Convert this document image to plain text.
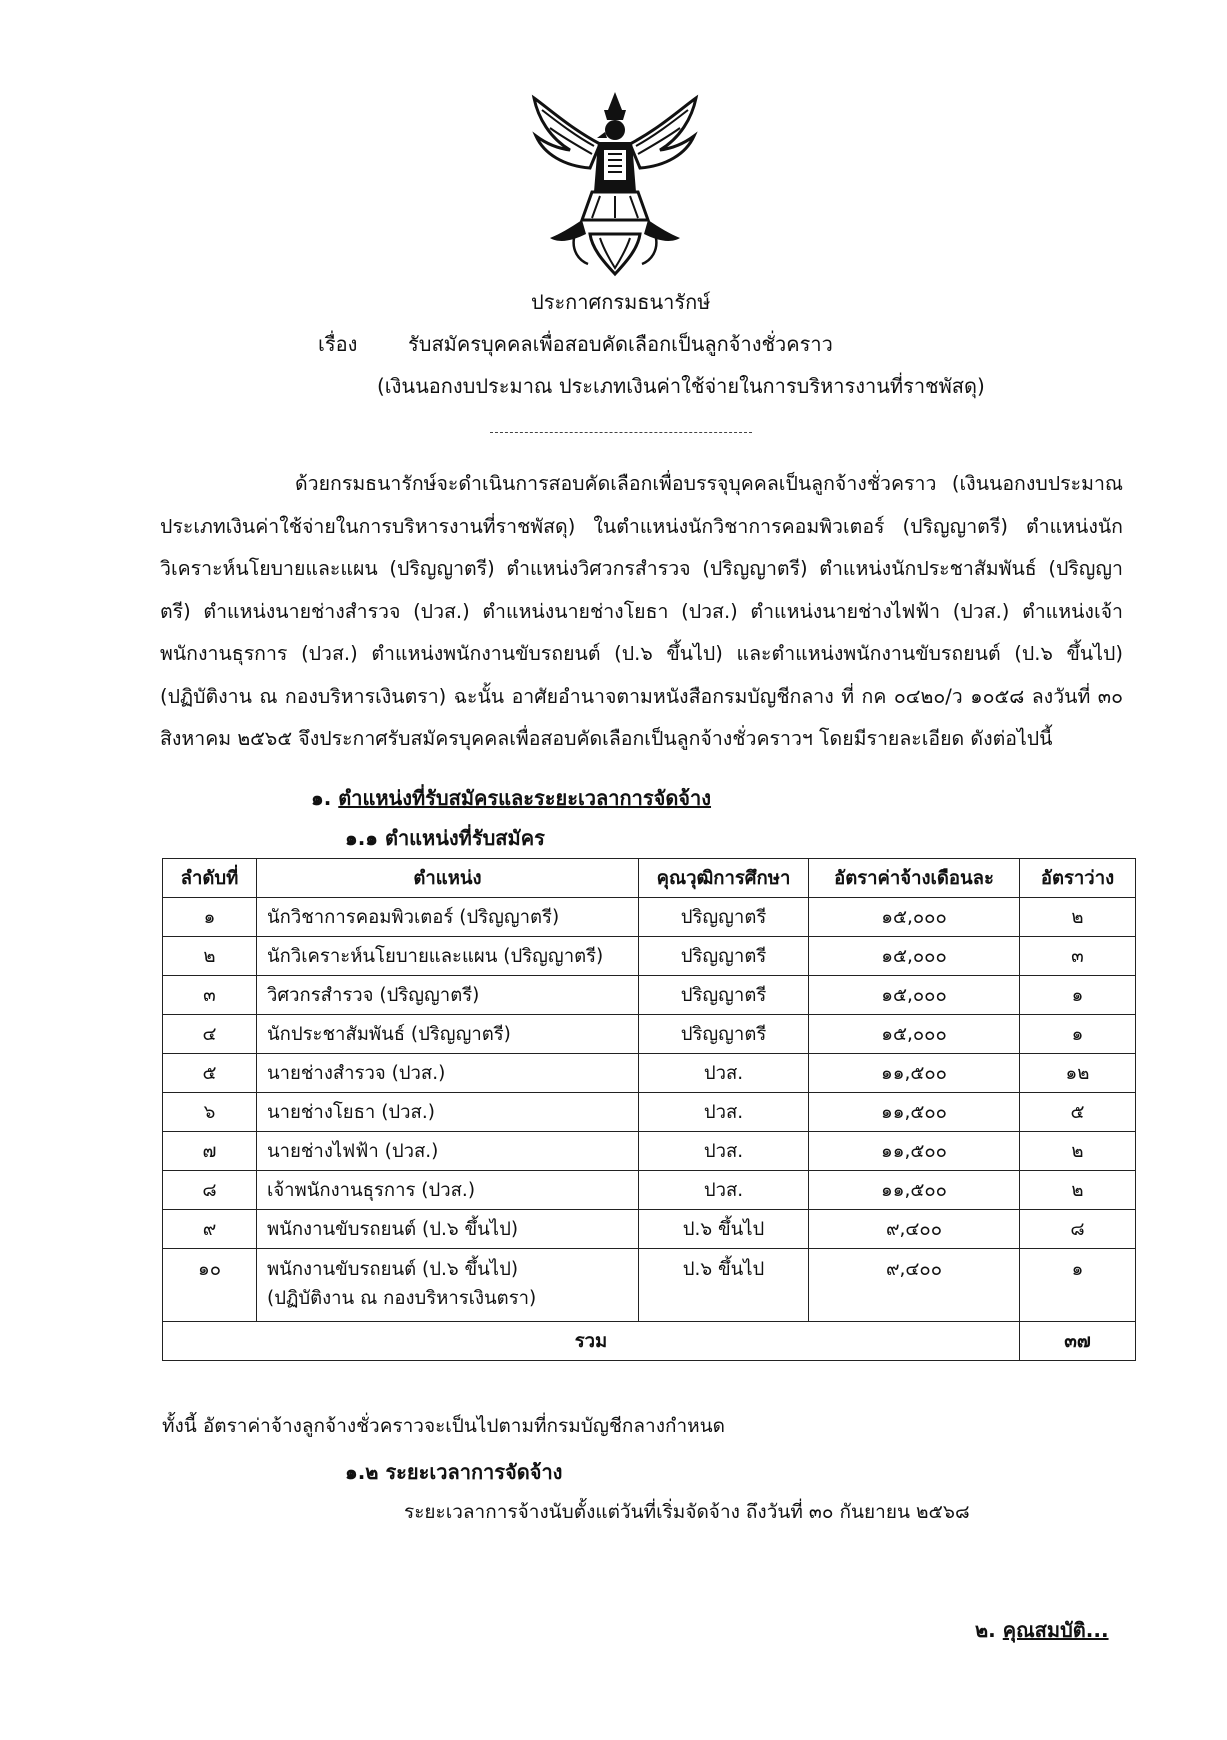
ประกาศกรมธนารักษ์
เรื่อง	รับสมัครบุคคลเพื่อสอบคัดเลือกเป็นลูกจ้างชั่วคราว
(เงินนอกงบประมาณ ประเภทเงินค่าใช้จ่ายในการบริหารงานที่ราชพัสดุ)

ด้วยกรมธนารักษ์จะดำเนินการสอบคัดเลือกเพื่อบรรจุบุคคลเป็นลูกจ้างชั่วคราว (เงินนอกงบประมาณ ประเภทเงินค่าใช้จ่ายในการบริหารงานที่ราชพัสดุ) ในตำแหน่งนักวิชาการคอมพิวเตอร์ (ปริญญาตรี) ตำแหน่งนักวิเคราะห์นโยบายและแผน (ปริญญาตรี) ตำแหน่งวิศวกรสำรวจ (ปริญญาตรี) ตำแหน่งนักประชาสัมพันธ์ (ปริญญาตรี) ตำแหน่งนายช่างสำรวจ (ปวส.) ตำแหน่งนายช่างโยธา (ปวส.) ตำแหน่งนายช่างไฟฟ้า (ปวส.) ตำแหน่งเจ้าพนักงานธุรการ (ปวส.) ตำแหน่งพนักงานขับรถยนต์ (ป.๖ ขึ้นไป) และตำแหน่งพนักงานขับรถยนต์ (ป.๖ ขึ้นไป) (ปฏิบัติงาน ณ กองบริหารเงินตรา) ฉะนั้น อาศัยอำนาจตามหนังสือกรมบัญชีกลาง ที่ กค ๐๔๒๐/ว ๑๐๕๘ ลงวันที่ ๓๐ สิงหาคม ๒๕๖๕ จึงประกาศรับสมัครบุคคลเพื่อสอบคัดเลือกเป็นลูกจ้างชั่วคราวฯ โดยมีรายละเอียด ดังต่อไปนี้

๑. ตำแหน่งที่รับสมัครและระยะเวลาการจัดจ้าง
๑.๑ ตำแหน่งที่รับสมัคร
ลำดับที่	ตำแหน่ง	คุณวุฒิการศึกษา	อัตราค่าจ้างเดือนละ	อัตราว่าง
๑	นักวิชาการคอมพิวเตอร์ (ปริญญาตรี)	ปริญญาตรี	๑๕,๐๐๐	๒
๒	นักวิเคราะห์นโยบายและแผน (ปริญญาตรี)	ปริญญาตรี	๑๕,๐๐๐	๓
๓	วิศวกรสำรวจ (ปริญญาตรี)	ปริญญาตรี	๑๕,๐๐๐	๑
๔	นักประชาสัมพันธ์ (ปริญญาตรี)	ปริญญาตรี	๑๕,๐๐๐	๑
๕	นายช่างสำรวจ (ปวส.)	ปวส.	๑๑,๕๐๐	๑๒
๖	นายช่างโยธา (ปวส.)	ปวส.	๑๑,๕๐๐	๕
๗	นายช่างไฟฟ้า (ปวส.)	ปวส.	๑๑,๕๐๐	๒
๘	เจ้าพนักงานธุรการ (ปวส.)	ปวส.	๑๑,๕๐๐	๒
๙	พนักงานขับรถยนต์ (ป.๖ ขึ้นไป)	ป.๖ ขึ้นไป	๙,๔๐๐	๘
๑๐	พนักงานขับรถยนต์ (ป.๖ ขึ้นไป)
(ปฏิบัติงาน ณ กองบริหารเงินตรา)	ป.๖ ขึ้นไป	๙,๔๐๐	๑
รวม				๓๗
ทั้งนี้ อัตราค่าจ้างลูกจ้างชั่วคราวจะเป็นไปตามที่กรมบัญชีกลางกำหนด
๑.๒ ระยะเวลาการจัดจ้าง
ระยะเวลาการจ้างนับตั้งแต่วันที่เริ่มจัดจ้าง ถึงวันที่ ๓๐ กันยายน ๒๕๖๘
๒. คุณสมบัติ...
